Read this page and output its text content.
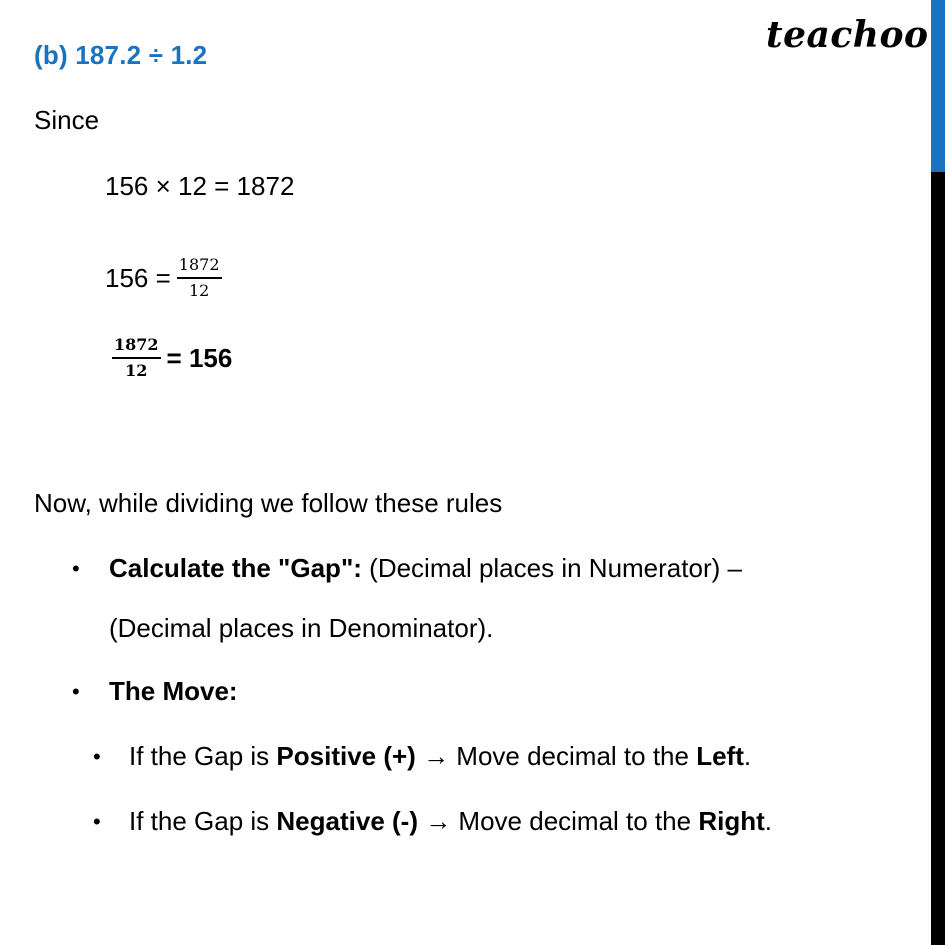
(b) 187.2 ÷ 1.2	teachoo
Since
156 × 12 = 1872
$156 = \frac{1872}{12}$
$\frac{1872}{12} = 156$
Now, while dividing we follow these rules
• Calculate the "Gap": (Decimal places in Numerator) –
(Decimal places in Denominator).
• The Move:
• If the Gap is Positive (+) → Move decimal to the Left.
• If the Gap is Negative (-) → Move decimal to the Right.
